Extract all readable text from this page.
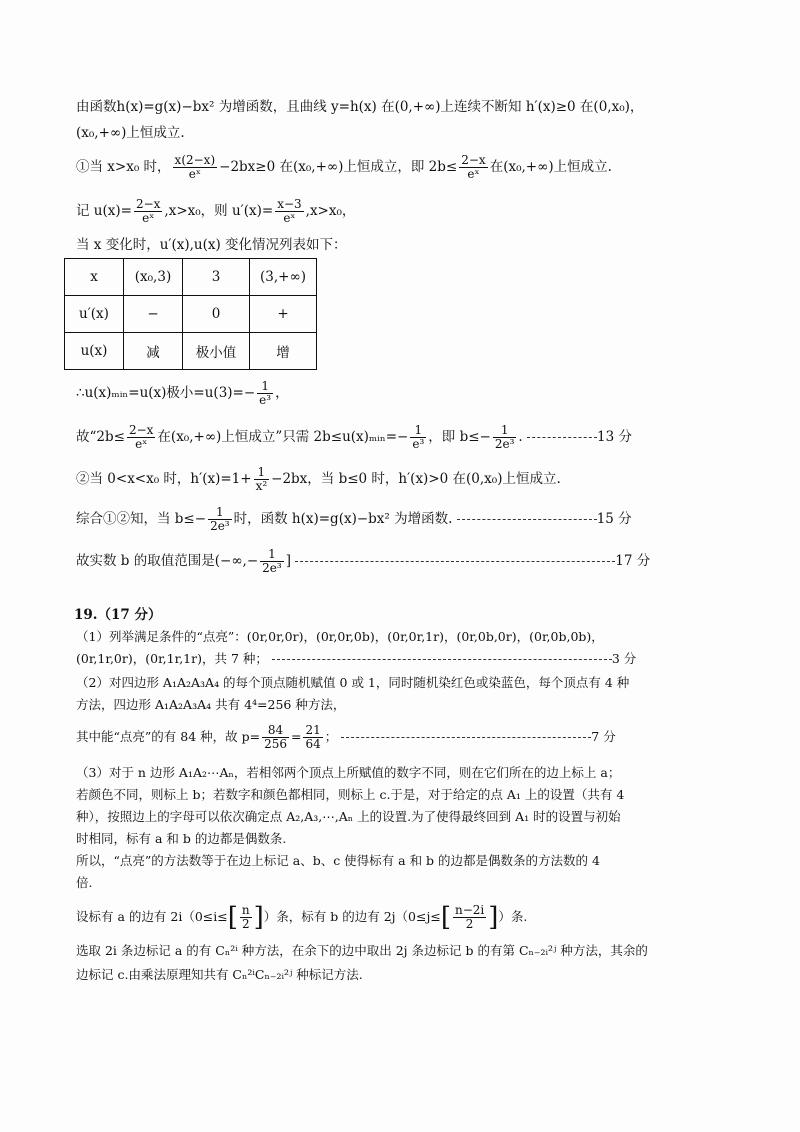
由函数h(x)=g(x)−bx² 为增函数，且曲线 y=h(x) 在(0,+∞)上连续不断知 h′(x)≥0 在(0,x₀)，
(x₀,+∞)上恒成立.
①当 x>x₀ 时， $\frac{x(2-x)}{\text{eˣ}} -2bx\ge 0$ 在(x₀,+∞)上恒成立，即 $2b\le \frac{2-x}{\text{eˣ}}$ 在(x₀,+∞)上恒成立.
记 $u(x)= \frac{2-x}{\text{eˣ}} ,x>x_0$，则 $u'(x)= \frac{x-3}{\text{eˣ}} ,x>x_0$，
当 x 变化时，u′(x),u(x) 变化情况列表如下：
x	(x₀,3)	3	(3,+∞)
u′(x)	−	0	+
u(x)	减	极小值	增
∴u(x)ₘᵢₙ=u(x)极小$=u(3)=- \frac{1}{\text{e³}}$ ，
故“$2b\le \frac{2-x}{\text{eˣ}}$ 在(x₀,+∞)上恒成立”只需 2b≤u(x)ₘᵢₙ=− $\frac{1}{\text{e³}}$ ，即 $b\le- \frac{1}{\text{2e³}}$ .	13 分
②当 0<x<x₀ 时，$h'(x)=1+ \frac{1}{\text{x²}} -2bx$，当 b≤0 时，h′(x)>0 在(0,x₀)上恒成立.
综合①②知，当 $b\le- \frac{1}{\text{2e³}}$ 时，函数 h(x)=g(x)−bx² 为增函数.	15 分
故实数 b 的取值范围是(−∞,− $\frac{1}{\text{2e³}}$ ]	17 分
19.（17 分）
（1）列举满足条件的“点亮”：(0r,0r,0r)，(0r,0r,0b)，(0r,0r,1r)，(0r,0b,0r)，(0r,0b,0b)，
(0r,1r,0r)，(0r,1r,1r)，共 7 种；	3 分
（2）对四边形 A₁A₂A₃A₄ 的每个顶点随机赋值 0 或 1，同时随机染红色或染蓝色，每个顶点有 4 种
方法，四边形 A₁A₂A₃A₄ 共有 4⁴=256 种方法，
其中能“点亮”的有 84 种，故 $p= \frac{84}{256} = \frac{21}{64}$ ；	7 分
（3）对于 n 边形 A₁A₂⋯Aₙ，若相邻两个顶点上所赋值的数字不同，则在它们所在的边上标上 a；
若颜色不同，则标上 b；若数字和颜色都相同，则标上 c.于是，对于给定的点 A₁ 上的设置（共有 4
种），按照边上的字母可以依次确定点 A₂,A₃,⋯,Aₙ 上的设置.为了使得最终回到 A₁ 时的设置与初始
时相同，标有 a 和 b 的边都是偶数条.
所以，“点亮”的方法数等于在边上标记 a、b、c 使得标有 a 和 b 的边都是偶数条的方法数的 4
倍.
设标有 a 的边有 $2i(0\le i\le[ \frac{n}{2}$ ]）条，标有 b 的边有 $2j(0\le j\le[ \frac{n-2i}{2}$ ]）条.
选取 2i 条边标记 a 的有 Cₙ²ⁱ 种方法，在余下的边中取出 2j 条边标记 b 的有第 Cₙ₋₂ᵢ²ʲ 种方法，其余的
边标记 c.由乘法原理知共有 Cₙ²ⁱCₙ₋₂ᵢ²ʲ 种标记方法.
